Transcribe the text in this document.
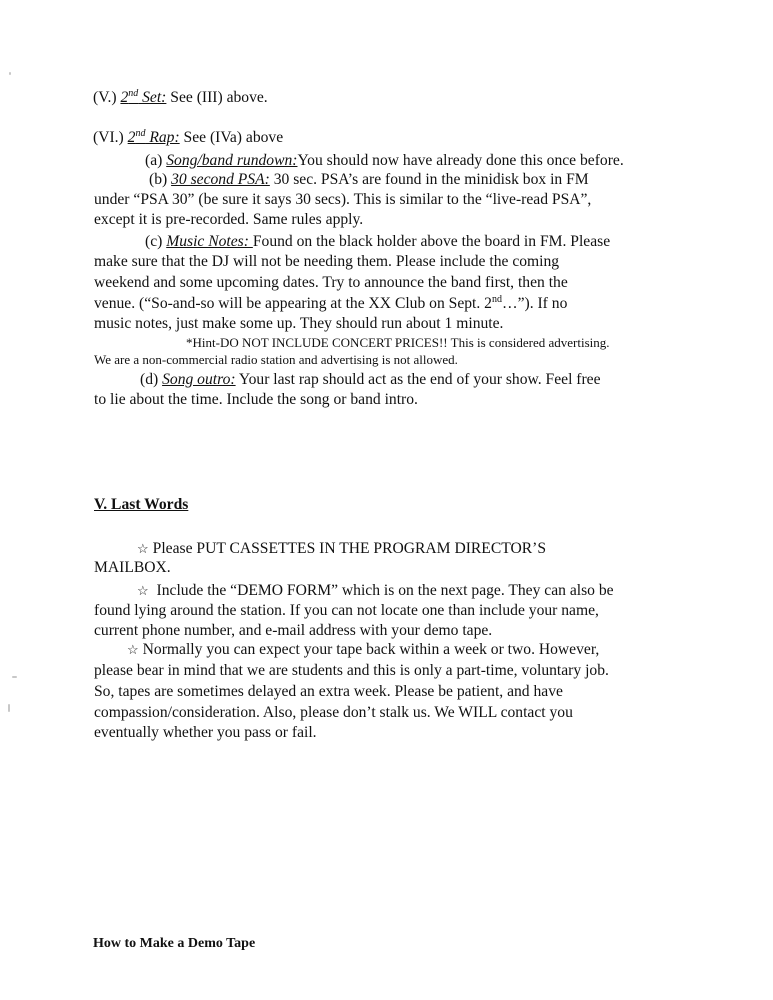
(V.) 2nd Set: See (III) above.
(VI.) 2nd Rap: See (IVa) above
(a) Song/band rundown:You should now have already done this once before.
(b) 30 second PSA: 30 sec. PSA’s are found in the minidisk box in FM
under “PSA 30” (be sure it says 30 secs). This is similar to the “live-read PSA”,
except it is pre-recorded. Same rules apply.
(c) Music Notes: Found on the black holder above the board in FM. Please
make sure that the DJ will not be needing them. Please include the coming
weekend and some upcoming dates. Try to announce the band first, then the
venue. (“So-and-so will be appearing at the XX Club on Sept. 2nd…”). If no
music notes, just make some up. They should run about 1 minute.
*Hint-DO NOT INCLUDE CONCERT PRICES!! This is considered advertising.
We are a non-commercial radio station and advertising is not allowed.
(d) Song outro: Your last rap should act as the end of your show. Feel free
to lie about the time. Include the song or band intro.
V. Last Words
☆ Please PUT CASSETTES IN THE PROGRAM DIRECTOR’S
MAILBOX.
☆ Include the “DEMO FORM” which is on the next page. They can also be
found lying around the station. If you can not locate one than include your name,
current phone number, and e-mail address with your demo tape.
☆ Normally you can expect your tape back within a week or two. However,
please bear in mind that we are students and this is only a part-time, voluntary job.
So, tapes are sometimes delayed an extra week. Please be patient, and have
compassion/consideration. Also, please don’t stalk us. We WILL contact you
eventually whether you pass or fail.
How to Make a Demo Tape
